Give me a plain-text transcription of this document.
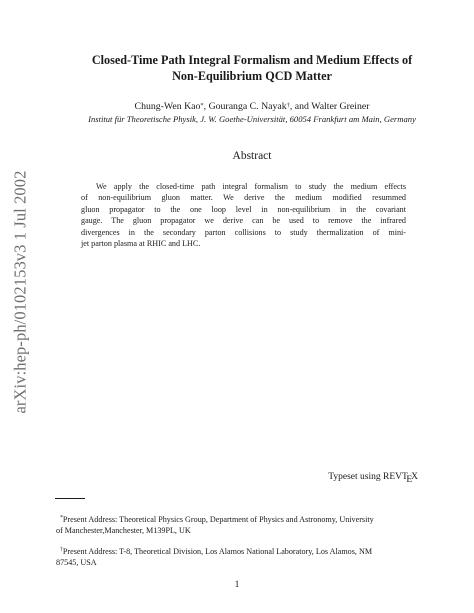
arXiv:hep-ph/0102153v3 1 Jul 2002
Closed-Time Path Integral Formalism and Medium Effects of
Non-Equilibrium QCD Matter
Chung-Wen Kao*, Gouranga C. Nayak†, and Walter Greiner
Institut für Theoretische Physik, J. W. Goethe-Universität, 60054 Frankfurt am Main, Germany
Abstract
We apply the closed-time path integral formalism to study the medium effects
of non-equilibrium gluon matter. We derive the medium modified resummed
gluon propagator to the one loop level in non-equilibrium in the covariant
gauge. The gluon propagator we derive can be used to remove the infrared
divergences in the secondary parton collisions to study thermalization of mini-
jet parton plasma at RHIC and LHC.
Typeset using REVTEX
*Present Address: Theoretical Physics Group, Department of Physics and Astronomy, University
of Manchester,Manchester, M139PL, UK
†Present Address: T-8, Theoretical Division, Los Alamos National Laboratory, Los Alamos, NM
87545, USA
1
